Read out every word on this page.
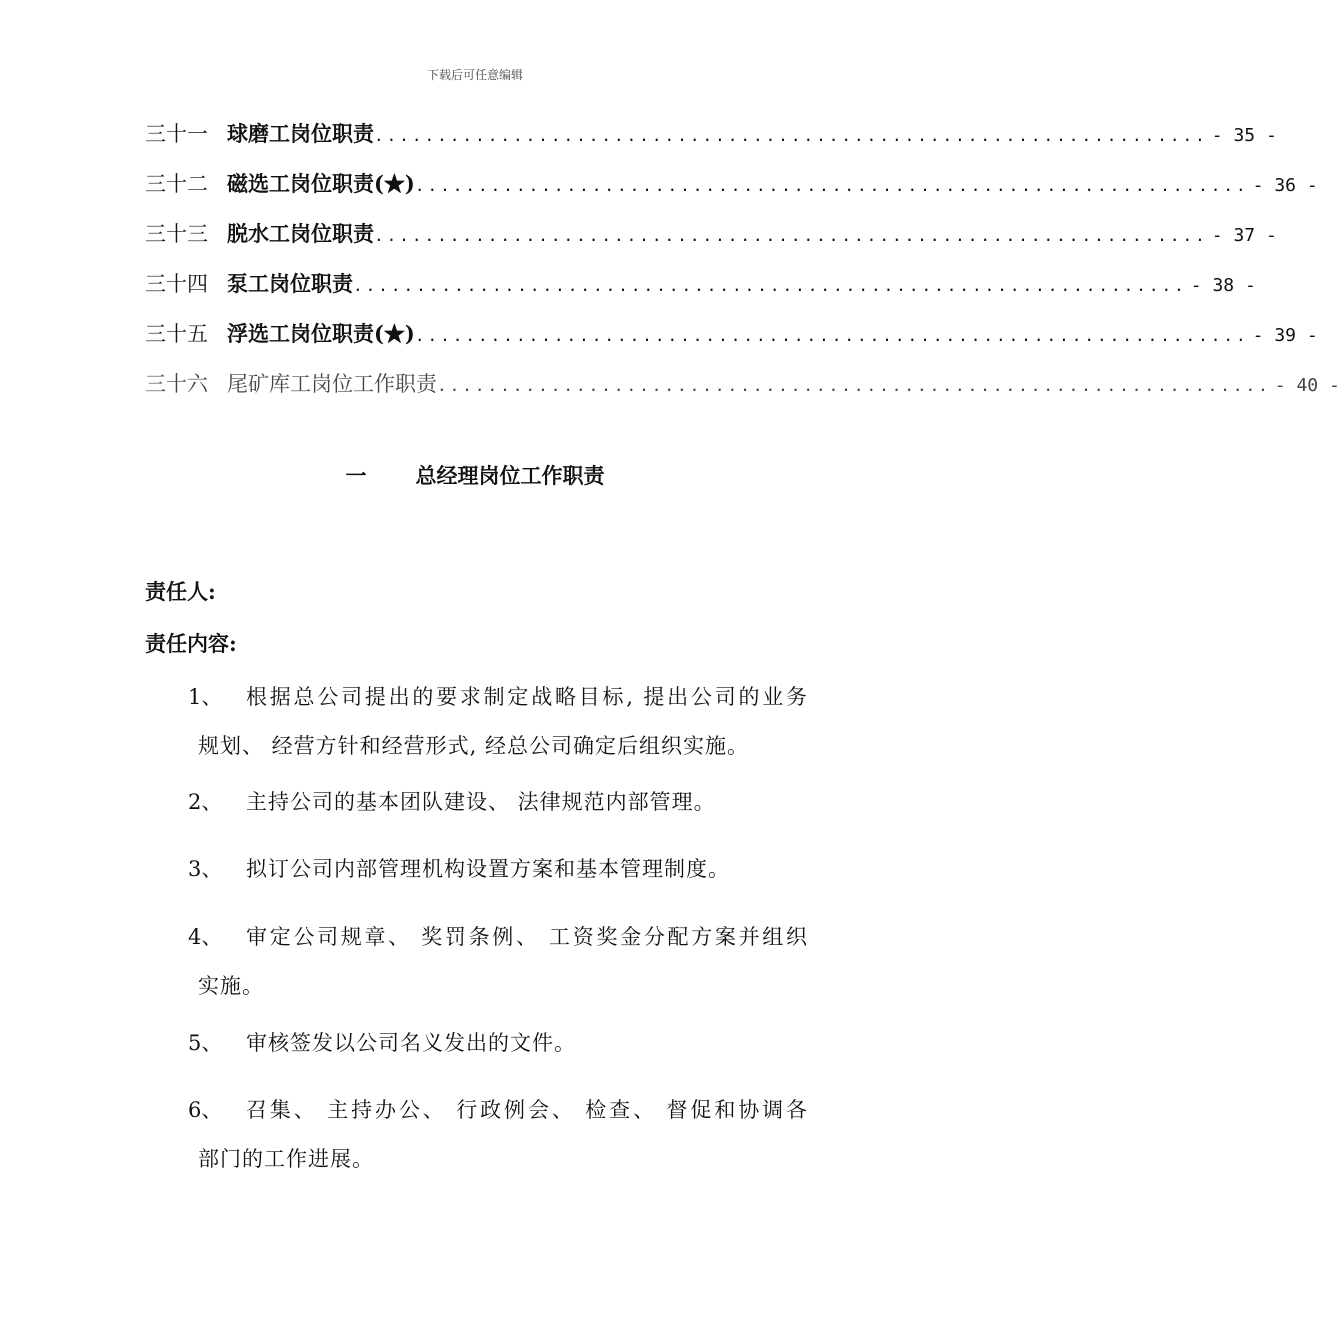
下载后可任意编辑
三十一 球磨工岗位职责 .................................................................. - 35 -
三十二 磁选工岗位职责(★) .................................................................. - 36 -
三十三 脱水工岗位职责 .................................................................. - 37 -
三十四 泵工岗位职责 .................................................................. - 38 -
三十五 浮选工岗位职责(★) .................................................................. - 39 -
三十六 尾矿库工岗位工作职责 .................................................................. - 40 -
一 总经理岗位工作职责
责任人:
责任内容:
1、	根据总公司提出的要求制定战略目标, 提出公司的业务
规划、 经营方针和经营形式, 经总公司确定后组织实施。
2、	主持公司的基本团队建设、 法律规范内部管理。
3、	拟订公司内部管理机构设置方案和基本管理制度。
4、	审定公司规章、 奖罚条例、 工资奖金分配方案并组织
实施。
5、	审核签发以公司名义发出的文件。
6、	召集、 主持办公、 行政例会、 检查、 督促和协调各
部门的工作进展。
